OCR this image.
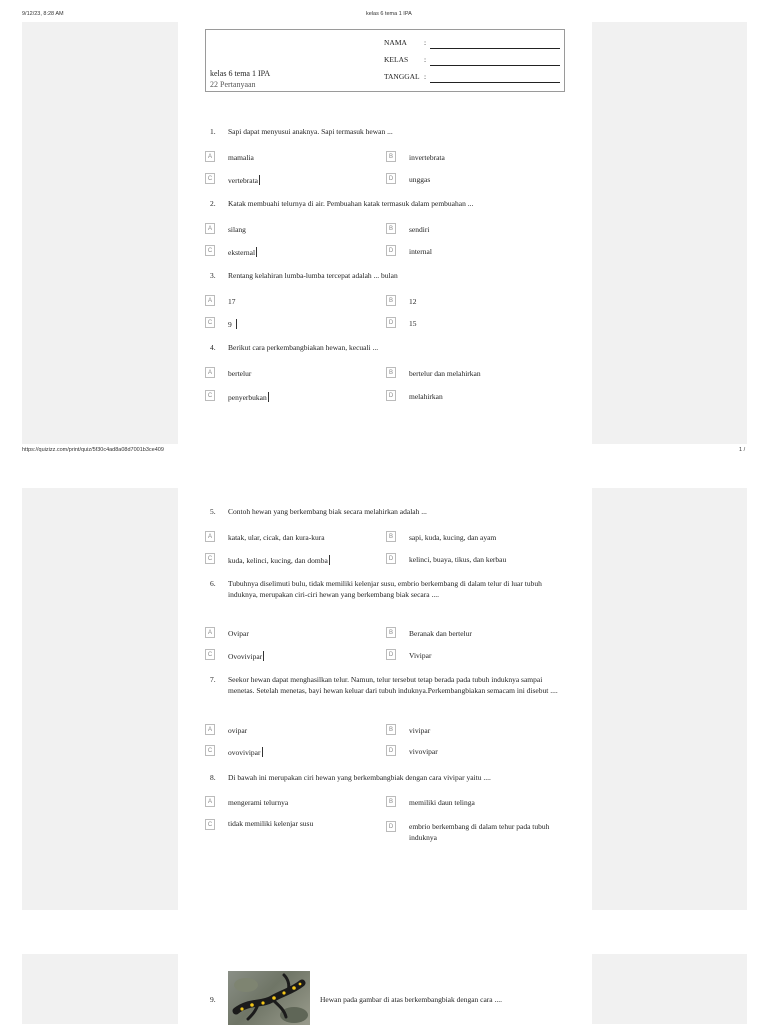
9/12/23, 8:28 AM	kelas 6 tema 1 IPA
kelas 6 tema 1 IPA
22 Pertanyaan
NAMA :
KELAS :
TANGGAL :
1. Sapi dapat menyusui anaknya. Sapi termasuk hewan ...
A	mamalia	B	invertebrata
C	vertebrata	D	unggas
2. Katak membuahi telurnya di air. Pembuahan katak termasuk dalam pembuahan ...
A	silang	B	sendiri
C	eksternal	D	internal
3. Rentang kelahiran lumba-lumba tercepat adalah ... bulan
A	17	B	12
C	9	D	15
4. Berikut cara perkembangbiakan hewan, kecuali ...
A	bertelur	B	bertelur dan melahirkan
C	penyerbukan	D	melahirkan
https://quizizz.com/print/quiz/5f30c4ad8a08d7001b3ce409	1 /
5. Contoh hewan yang berkembang biak secara melahirkan adalah ...
A	katak, ular, cicak, dan kura-kura	B	sapi, kuda, kucing, dan ayam
C	kuda, kelinci, kucing, dan domba	D	kelinci, buaya, tikus, dan kerbau
6. Tubuhnya diselimuti bulu, tidak memiliki kelenjar susu, embrio berkembang di dalam telur di luar tubuh induknya, merupakan ciri-ciri hewan yang berkembang biak secara ....
A	Ovipar	B	Beranak dan bertelur
C	Ovovivipar	D	Vivipar
7. Seekor hewan dapat menghasilkan telur. Namun, telur tersebut tetap berada pada tubuh induknya sampai menetas. Setelah menetas, bayi hewan keluar dari tubuh induknya.Perkembangbiakan semacam ini disebut ....
A	ovipar	B	vivipar
C	ovovivipar	D	vivovipar
8. Di bawah ini merupakan ciri hewan yang berkembangbiak dengan cara vivipar yaitu ....
A	mengerami telurnya	B	memiliki daun telinga
C	tidak memiliki kelenjar susu	D	embrio berkembang di dalam tehur pada tubuh induknya
9.	Hewan pada gambar di atas berkembangbiak dengan cara ....
